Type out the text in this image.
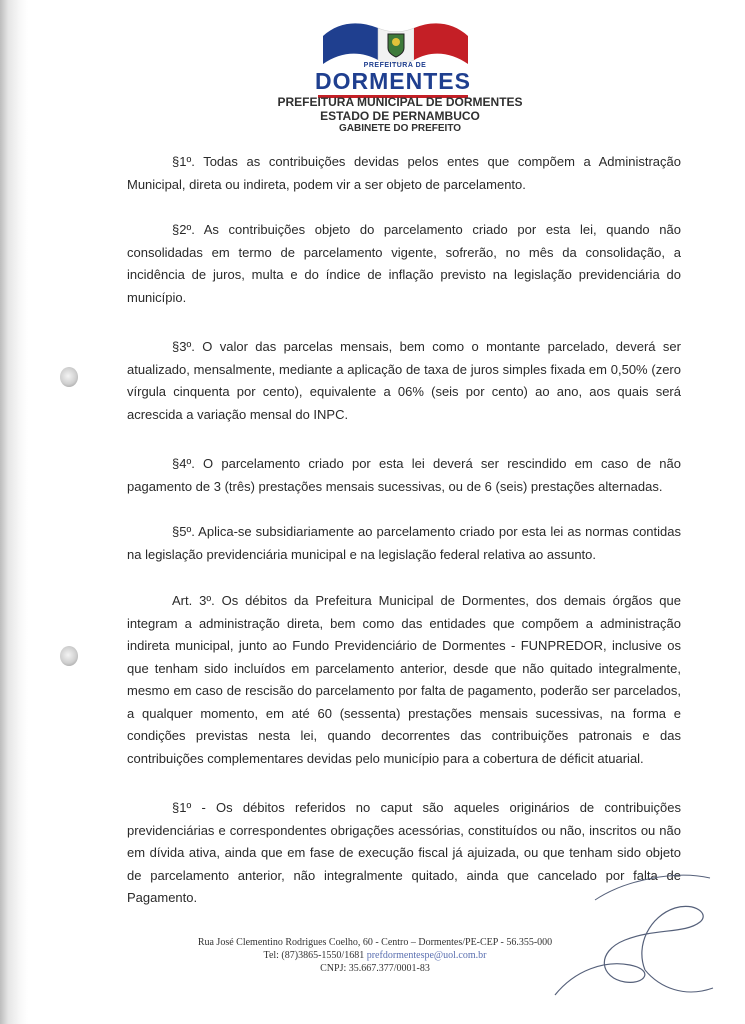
PREFEITURA DE
DORMENTES
PREFEITURA MUNICIPAL DE DORMENTES
ESTADO DE PERNAMBUCO
GABINETE DO PREFEITO

§1º. Todas as contribuições devidas pelos entes que compõem a Administração Municipal, direta ou indireta, podem vir a ser objeto de parcelamento.

§2º. As contribuições objeto do parcelamento criado por esta lei, quando não consolidadas em termo de parcelamento vigente, sofrerão, no mês da consolidação, a incidência de juros, multa e do índice de inflação previsto na legislação previdenciária do município.

§3º. O valor das parcelas mensais, bem como o montante parcelado, deverá ser atualizado, mensalmente, mediante a aplicação de taxa de juros simples fixada em 0,50% (zero vírgula cinquenta por cento), equivalente a 06% (seis por cento) ao ano, aos quais será acrescida a variação mensal do INPC.

§4º. O parcelamento criado por esta lei deverá ser rescindido em caso de não pagamento de 3 (três) prestações mensais sucessivas, ou de 6 (seis) prestações alternadas.

§5º. Aplica-se subsidiariamente ao parcelamento criado por esta lei as normas contidas na legislação previdenciária municipal e na legislação federal relativa ao assunto.

Art. 3º. Os débitos da Prefeitura Municipal de Dormentes, dos demais órgãos que integram a administração direta, bem como das entidades que compõem a administração indireta municipal, junto ao Fundo Previdenciário de Dormentes - FUNPREDOR, inclusive os que tenham sido incluídos em parcelamento anterior, desde que não quitado integralmente, mesmo em caso de rescisão do parcelamento por falta de pagamento, poderão ser parcelados, a qualquer momento, em até 60 (sessenta) prestações mensais sucessivas, na forma e condições previstas nesta lei, quando decorrentes das contribuições patronais e das contribuições complementares devidas pelo município para a cobertura de déficit atuarial.

§1º - Os débitos referidos no caput são aqueles originários de contribuições previdenciárias e correspondentes obrigações acessórias, constituídos ou não, inscritos ou não em dívida ativa, ainda que em fase de execução fiscal já ajuizada, ou que tenham sido objeto de parcelamento anterior, não integralmente quitado, ainda que cancelado por falta de Pagamento.

Rua José Clementino Rodrigues Coelho, 60 - Centro – Dormentes/PE-CEP - 56.355-000
Tel: (87)3865-1550/1681 prefdormentespe@uol.com.br
CNPJ: 35.667.377/0001-83
